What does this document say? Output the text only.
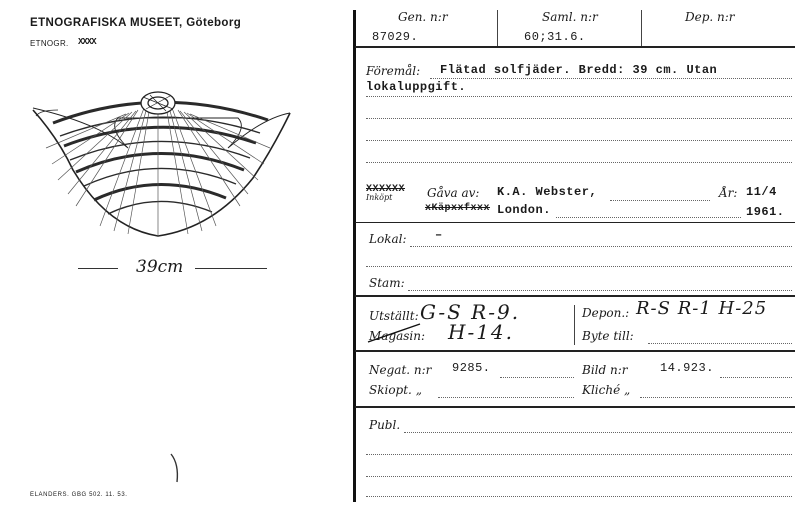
ETNOGRAFISKA MUSEET, Göteborg
ETNOGR. XXXX
39cm
ELANDERS. GBG 502. 11. 53.
Gen. n:r
87029.
Saml. n:r
60;31.6.
Dep. n:r
Föremål: Flätad solfjäder. Bredd: 39 cm. Utan
lokaluppgift.
XXXXXX
Inköpt	Gåva av: K.A. Webster,	År: 11/4
xKäpxxfxxx London.	1961.
Lokal: –
Stam:
Utställt: G-S R-9.
Magasin: H-14.
Depon.: R-S R-1 H-25
Byte till:
Negat. n:r 9285.	Bild n:r	14.923.
Skiopt. „	Kliché „
Publ.
